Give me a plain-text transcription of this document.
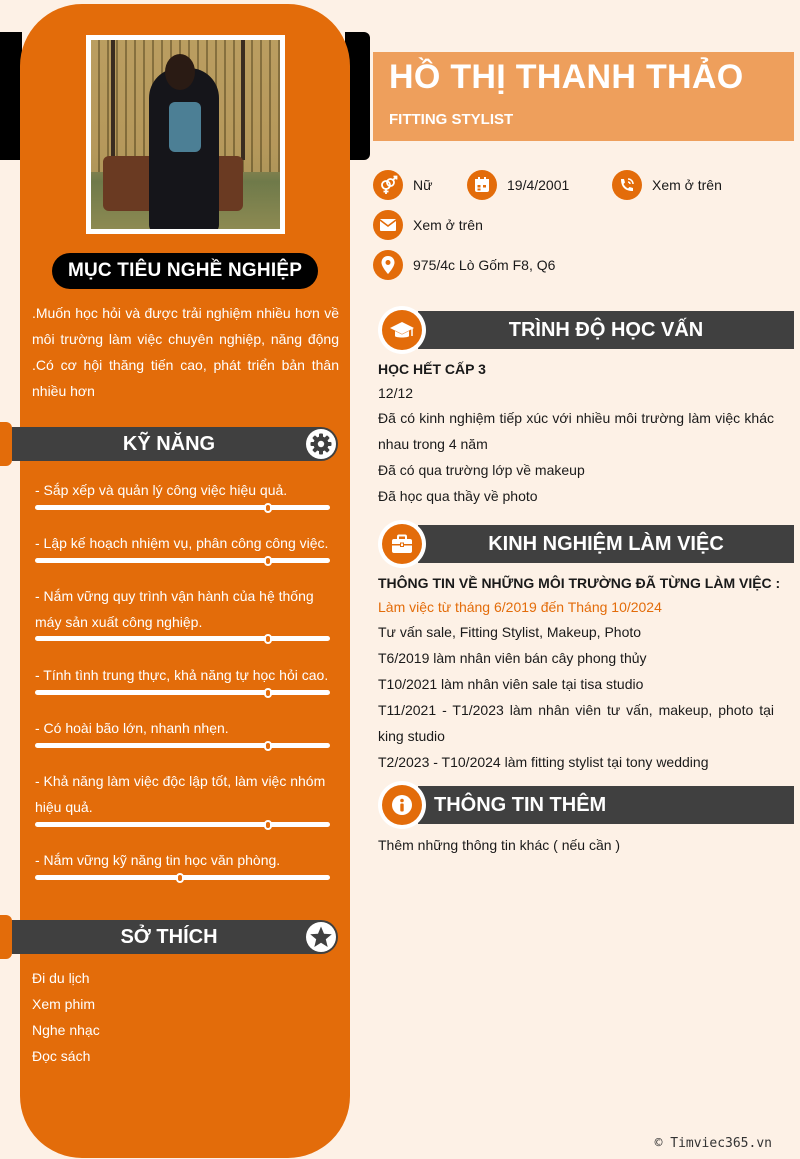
MỤC TIÊU NGHỀ NGHIỆP
.Muốn học hỏi và được trải nghiệm nhiều hơn về môi trường làm việc chuyên nghiệp, năng động .Có cơ hội thăng tiến cao, phát triển bản thân nhiều hơn
KỸ NĂNG
- Sắp xếp và quản lý công việc hiệu quả.
- Lập kế hoạch nhiệm vụ, phân công công việc.
- Nắm vững quy trình vận hành của hệ thống máy sản xuất công nghiệp.
- Tính tình trung thực, khả năng tự học hỏi cao.
- Có hoài bão lớn, nhanh nhẹn.
- Khả năng làm việc độc lập tốt, làm việc nhóm hiệu quả.
- Nắm vững kỹ năng tin học văn phòng.
SỞ THÍCH
Đi du lịch
Xem phim
Nghe nhạc
Đọc sách
HỒ THỊ THANH THẢO
FITTING STYLIST
Nữ	19/4/2001	Xem ở trên
Xem ở trên
975/4c Lò Gốm F8, Q6
TRÌNH ĐỘ HỌC VẤN
HỌC HẾT CẤP 3
12/12
Đã có kinh nghiệm tiếp xúc với nhiều môi trường làm việc khác nhau trong 4 năm
Đã có qua trường lớp về makeup
Đã học qua thầy về photo
KINH NGHIỆM LÀM VIỆC
THÔNG TIN VỀ NHỮNG MÔI TRƯỜNG ĐÃ TỪNG LÀM VIỆC :
Làm việc từ tháng 6/2019 đến Tháng 10/2024
Tư vấn sale, Fitting Stylist, Makeup, Photo
T6/2019 làm nhân viên bán cây phong thủy
T10/2021 làm nhân viên sale tại tisa studio
T11/2021 - T1/2023 làm nhân viên tư vấn, makeup, photo tại king studio
T2/2023 - T10/2024 làm fitting stylist tại tony wedding
THÔNG TIN THÊM
Thêm những thông tin khác ( nếu cần )
© Timviec365.vn
